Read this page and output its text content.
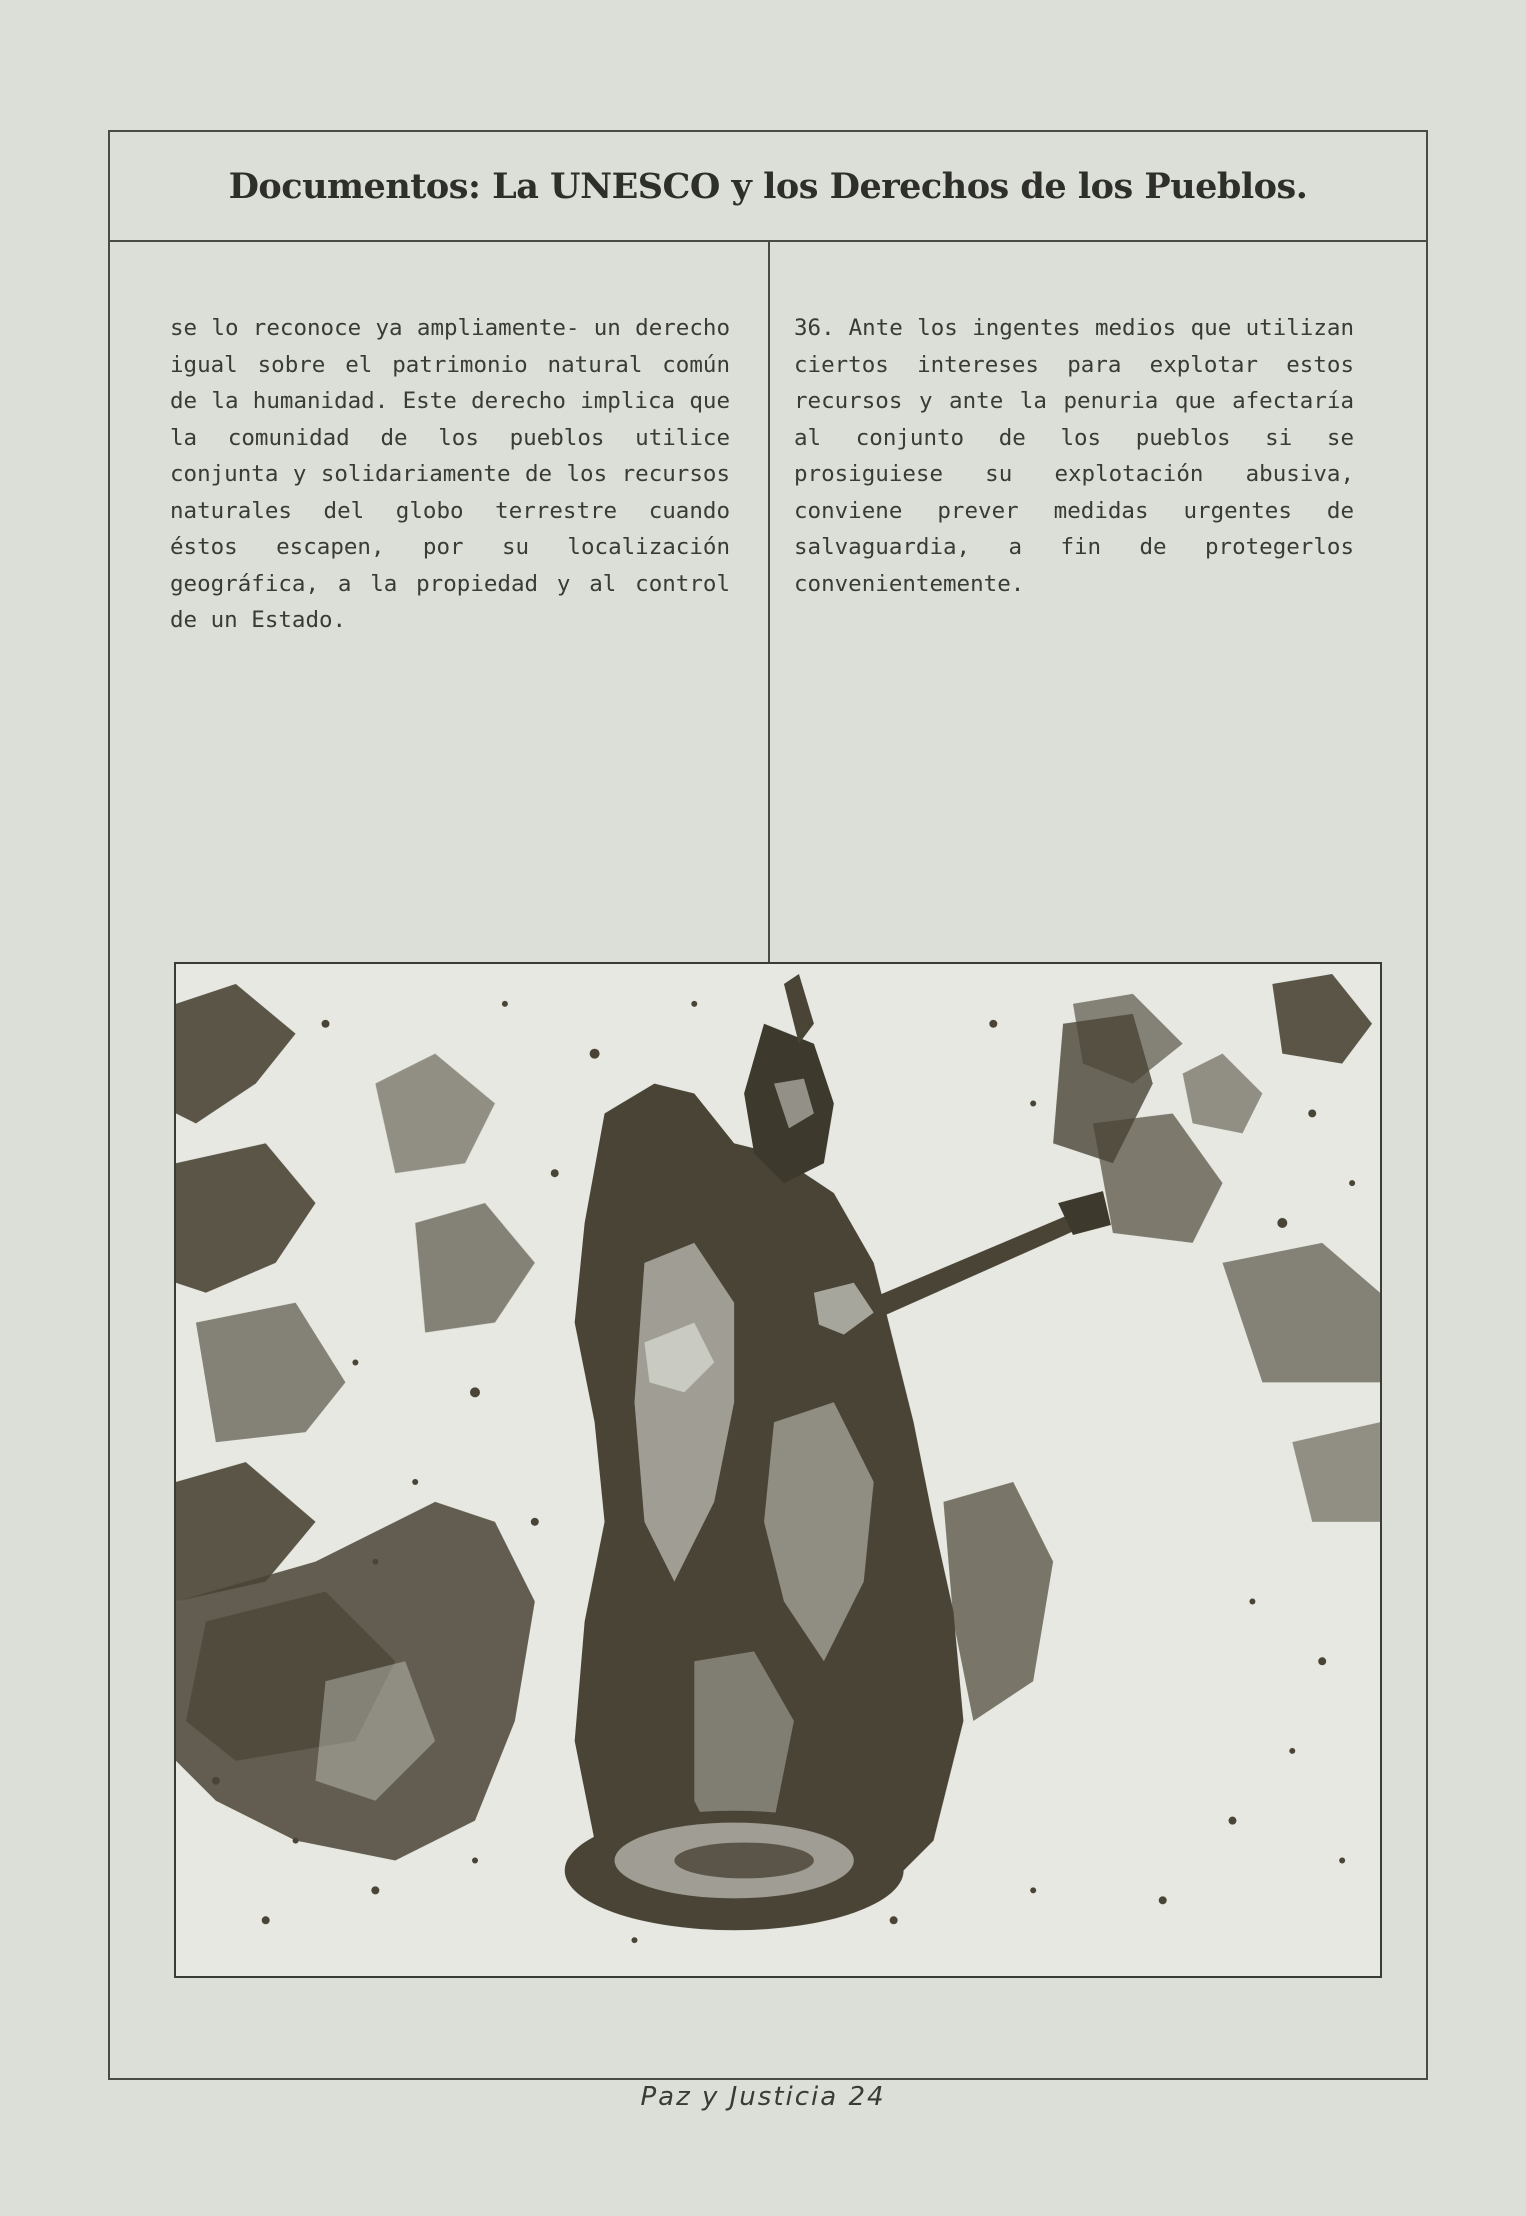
Documentos: La UNESCO y los Derechos de los Pueblos.

se lo reconoce ya ampliamente- un derecho igual sobre el patrimonio natural común de la humanidad. Este derecho implica que la comunidad de los pueblos utilice conjunta y solidariamente de los recursos naturales del globo terrestre cuando éstos escapen, por su localización geográfica, a la propiedad y al control de un Estado.

36. Ante los ingentes medios que utilizan ciertos intereses para explotar estos recursos y ante la penuria que afectaría al conjunto de los pueblos si se prosiguiese su explotación abusiva, conviene prever medidas urgentes de salvaguardia, a fin de protegerlos convenientemente.

Paz y Justicia 24
